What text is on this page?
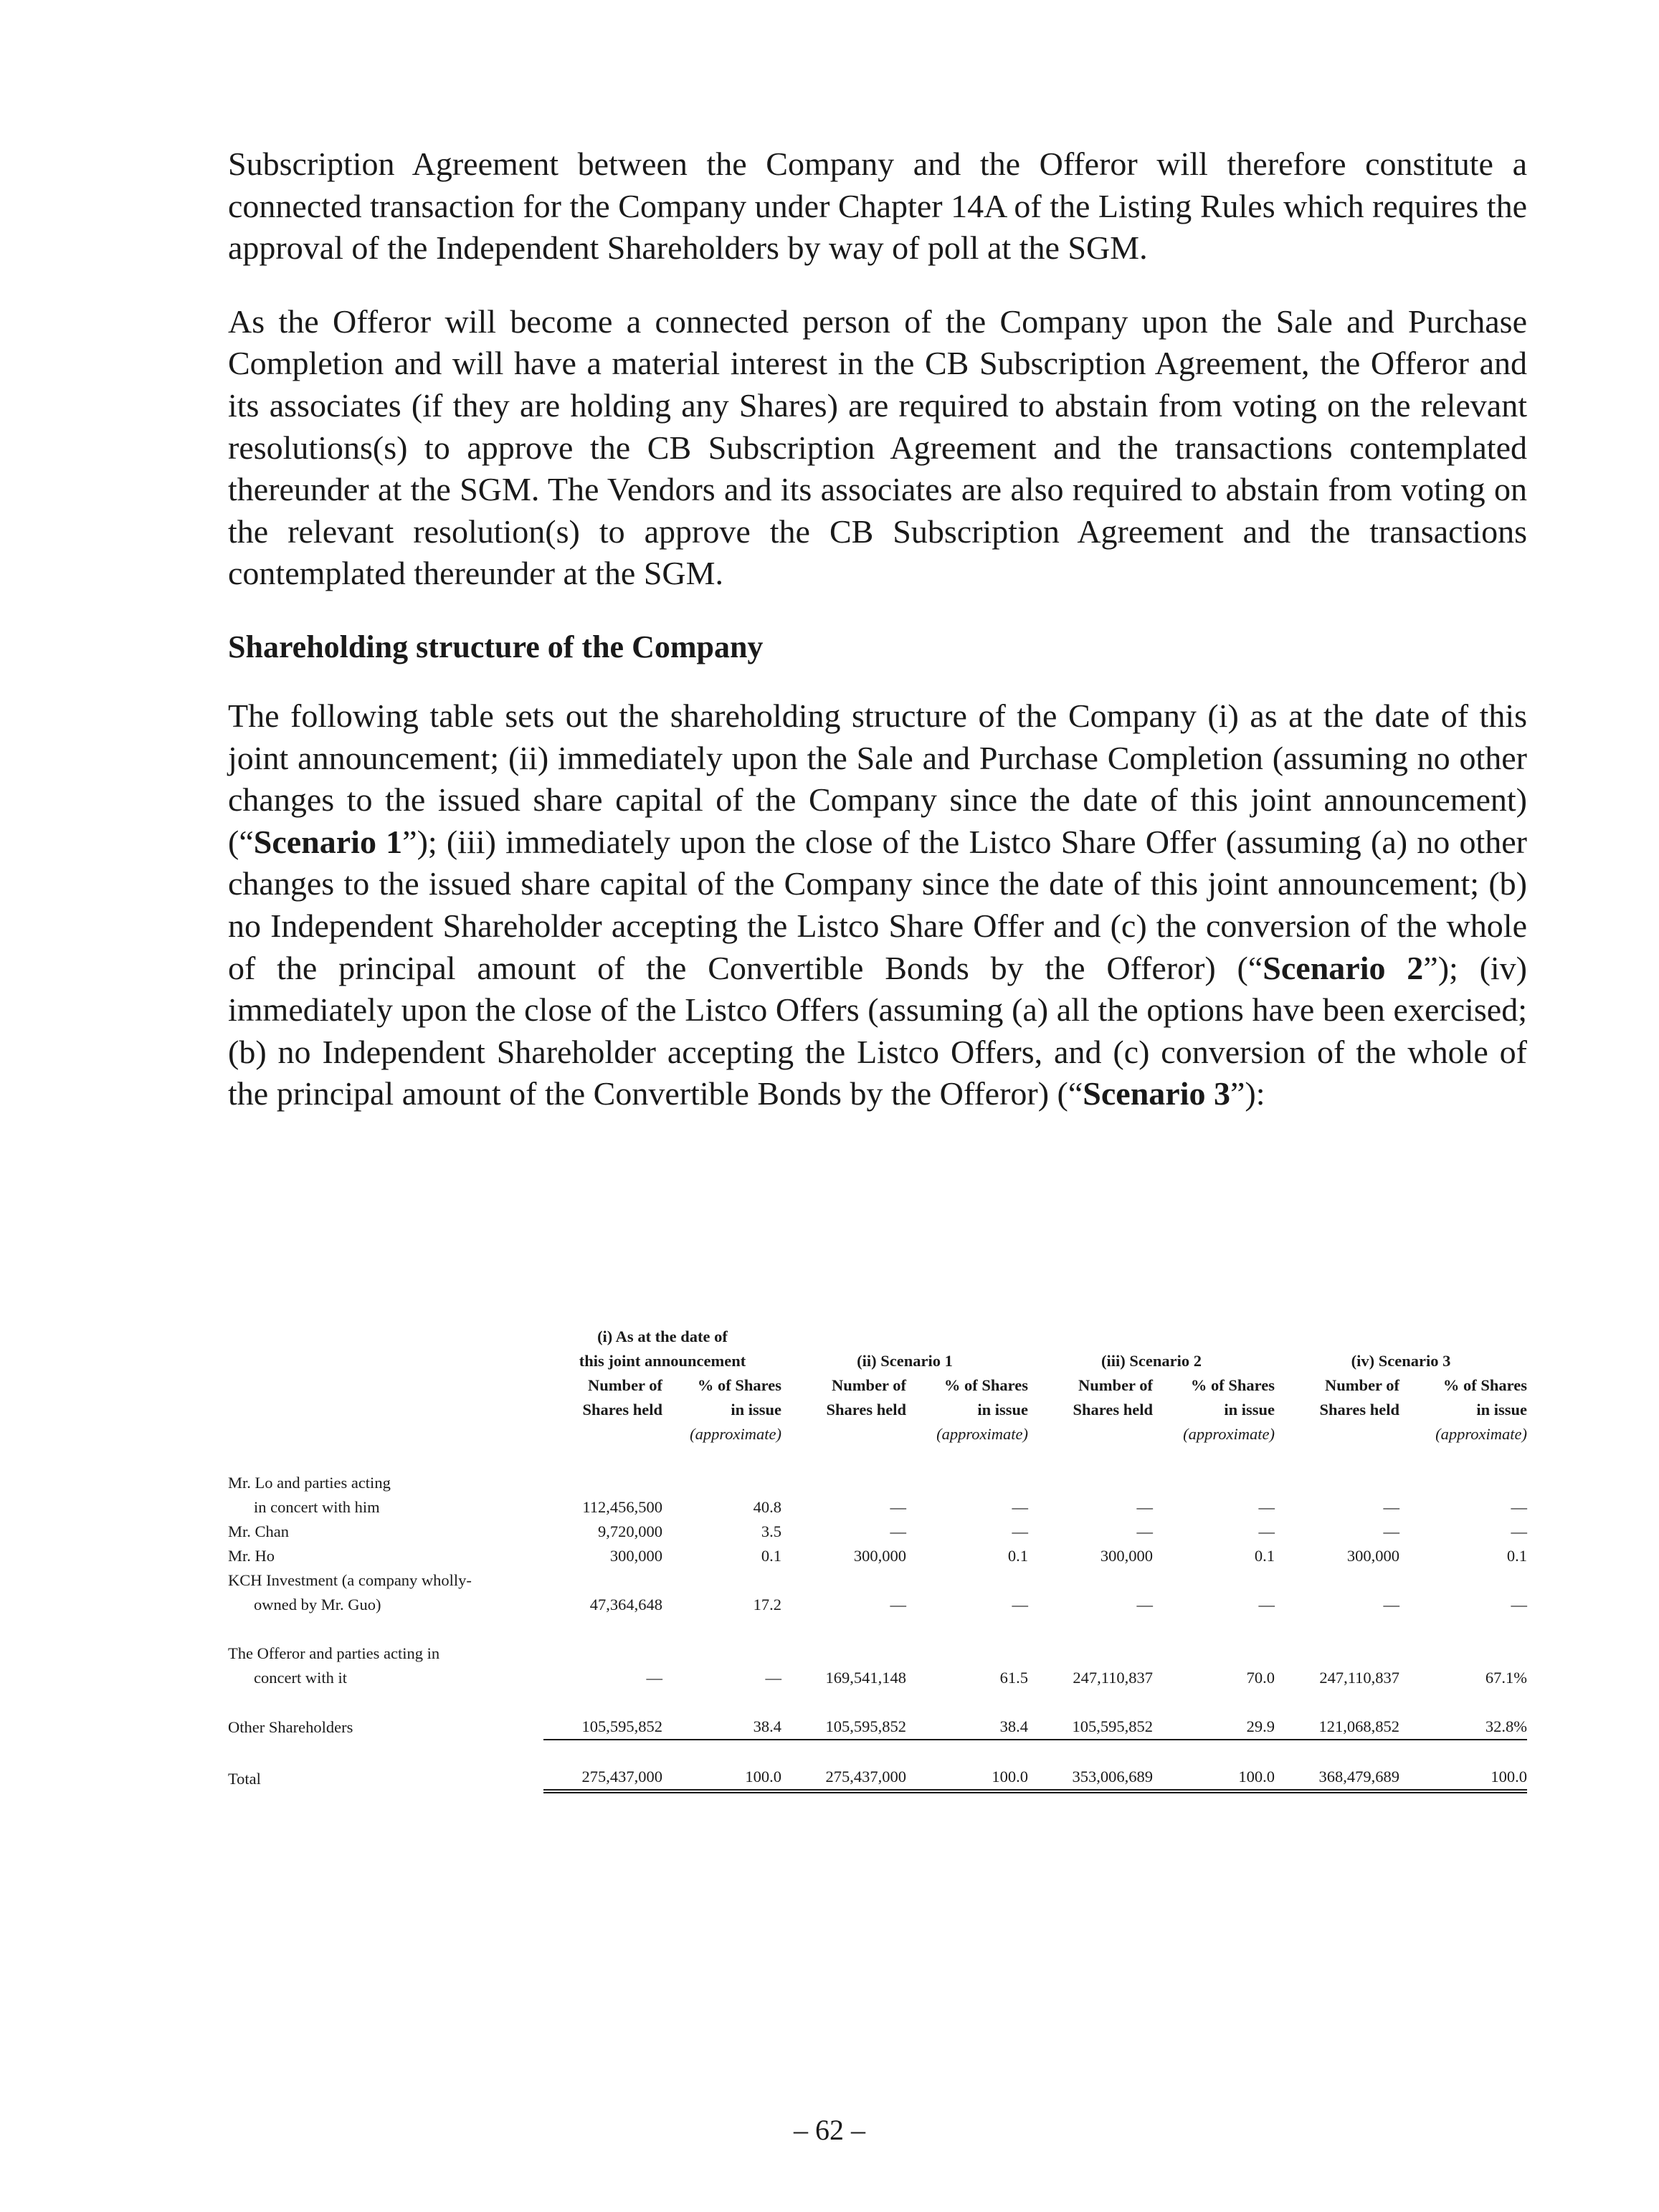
Subscription Agreement between the Company and the Offeror will therefore constitute a connected transaction for the Company under Chapter 14A of the Listing Rules which requires the approval of the Independent Shareholders by way of poll at the SGM.

As the Offeror will become a connected person of the Company upon the Sale and Purchase Completion and will have a material interest in the CB Subscription Agreement, the Offeror and its associates (if they are holding any Shares) are required to abstain from voting on the relevant resolutions(s) to approve the CB Subscription Agreement and the transactions contemplated thereunder at the SGM. The Vendors and its associates are also required to abstain from voting on the relevant resolution(s) to approve the CB Subscription Agreement and the transactions contemplated thereunder at the SGM.

Shareholding structure of the Company

The following table sets out the shareholding structure of the Company (i) as at the date of this joint announcement; (ii) immediately upon the Sale and Purchase Completion (assuming no other changes to the issued share capital of the Company since the date of this joint announcement) (“Scenario 1”); (iii) immediately upon the close of the Listco Share Offer (assuming (a) no other changes to the issued share capital of the Company since the date of this joint announcement; (b) no Independent Shareholder accepting the Listco Share Offer and (c) the conversion of the whole of the principal amount of the Convertible Bonds by the Offeror) (“Scenario 2”); (iv) immediately upon the close of the Listco Offers (assuming (a) all the options have been exercised; (b) no Independent Shareholder accepting the Listco Offers, and (c) conversion of the whole of the principal amount of the Convertible Bonds by the Offeror) (“Scenario 3”):

	(i) As at the date of							
	this joint announcement		(ii) Scenario 1		(iii) Scenario 2		(iv) Scenario 3	
	Number of	% of Shares	Number of	% of Shares	Number of	% of Shares	Number of	% of Shares
	Shares held	in issue	Shares held	in issue	Shares held	in issue	Shares held	in issue
		(approximate)		(approximate)		(approximate)		(approximate)

Mr. Lo and parties acting								
in concert with him	112,456,500	40.8	—	—	—	—	—	—
Mr. Chan	9,720,000	3.5	—	—	—	—	—	—
Mr. Ho	300,000	0.1	300,000	0.1	300,000	0.1	300,000	0.1
KCH Investment (a company wholly-								
owned by Mr. Guo)	47,364,648	17.2	—	—	—	—	—	—

The Offeror and parties acting in								
concert with it	—	—	169,541,148	61.5	247,110,837	70.0	247,110,837	67.1%

Other Shareholders	105,595,852	38.4	105,595,852	38.4	105,595,852	29.9	121,068,852	32.8%

Total	275,437,000	100.0	275,437,000	100.0	353,006,689	100.0	368,479,689	100.0
– 62 –
